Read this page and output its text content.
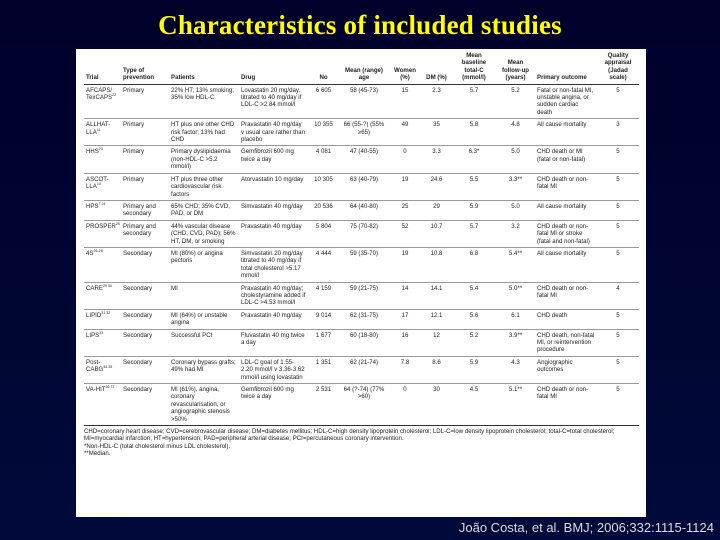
Characteristics of included studies
Trial	Type of prevention	Patients	Drug	No	Mean (range) age	Women (%)	DM (%)	Mean baseline total-C (mmol/l)	Mean follow-up (years)	Primary outcome	Quality appraisal (Jadad scale)
AFCAPS/ TexCAPS$^{22}$	Primary	22% HT; 13% smoking; 35% low HDL-C	Lovastatin 20 mg/day, titrated to 40 mg/day if LDL-C >2.84 mmol/l	6 605	58 (45-73)	15	2.3	5.7	5.2	Fatal or non-fatal MI, unstable angina, or sudden cardiac death	5
ALLHAT-LLA$^{11}$	Primary	HT plus one other CHD risk factor; 13% had CHD	Pravastatin 40 mg/day v usual care rather than placebo	10 355	66 (55-?) (55% ≥65)	49	35	5.8	4.8	All cause mortality	3
HHS$^{23}$	Primary	Primary dyslipidaemia (non-HDL-C >5.2 mmol/l)	Gemfibrozil 600 mg twice a day	4 081	47 (40-55)	0	3.3	6.3*	5.0	CHD death or MI (fatal or non-fatal)	5
ASCOT-LLA$^{10}$	Primary	HT plus three other cardiovascular risk factors	Atorvastatin 10 mg/day	10 305	63 (40-79)	19	24.6	5.5	3.3**	CHD death or non-fatal MI	5
$HPS^{7 24}$	Primary and secondary	65% CHD; 35% CVD, PAD, or DM	Simvastatin 40 mg/day	20 536	64 (40-80)	25	29	5.9	5.0	All cause mortality	5
PROSPER$^{25}$	Primary and secondary	44% vascular disease (CHD, CVD, PAD); 56% HT, DM, or smoking	Pravastatin 40 mg/day	5 804	75 (70-82)	52	10.7	5.7	3.2	CHD death or non-fatal MI or stroke (fatal and non-fatal)	5
$4S^{26-28}$	Secondary	MI (80%) or angina pectoris	Simvastatin 20 mg/day titrated to 40 mg/day if total cholesterol >5.17 mmol/l	4 444	59 (35-70)	19	10.8	6.8	5.4**	All cause mortality	5
$CARE^{29 30}$	Secondary	MI	Pravastatin 40 mg/day; cholestyramine added if LDL-C >4.53 mmol/l	4 159	59 (21-75)	14	14.1	5.4	5.0**	CHD death or non-fatal MI	4
$LIPID^{31 32}$	Secondary	MI (64%) or unstable angina	Pravastatin 40 mg/day	9 014	62 (31-75)	17	12.1	5.6	6.1	CHD death	5
LIPS$^{33}$	Secondary	Successful PCI	Fluvastatin 40 mg twice a day	1 677	60 (18-80)	16	12	5.2	3.9**	CHD death, non-fatal MI, or reintervention procedure	5
Post-$CABG^{34 35}$	Secondary	Coronary bypass grafts; 49% had MI	LDL-C goal of 1.55-2.20 mmol/l v 3.36-3.62 mmol/l using lovastatin	1 351	62 (21-74)	7.8	8.6	5.9	4.3	Angiographic outcomes	5
$VA-HIT^{36 37}$	Secondary	MI (61%), angina, coronary revascularisation, or angiographic stenosis >50%	Gemfibrozil 600 mg twice a day	2 531	64 (?-74) (77% >60)	0	30	4.5	5.1**	CHD death or non-fatal MI	5
CHD=coronary heart disease; CVD=cerebrovascular disease; DM=diabetes mellitus; HDL-C=high density lipoprotein cholesterol; LDL-C=low density lipoprotein cholesterol; total-C=total cholesterol; MI=myocardial infarction; HT=hypertension; PAD=peripheral arterial disease; PCI=percutaneous coronary intervention.
*Non-HDL-C (total cholesterol minus LDL cholesterol).
**Median.
João Costa, et al. BMJ; 2006;332:1115-1124
